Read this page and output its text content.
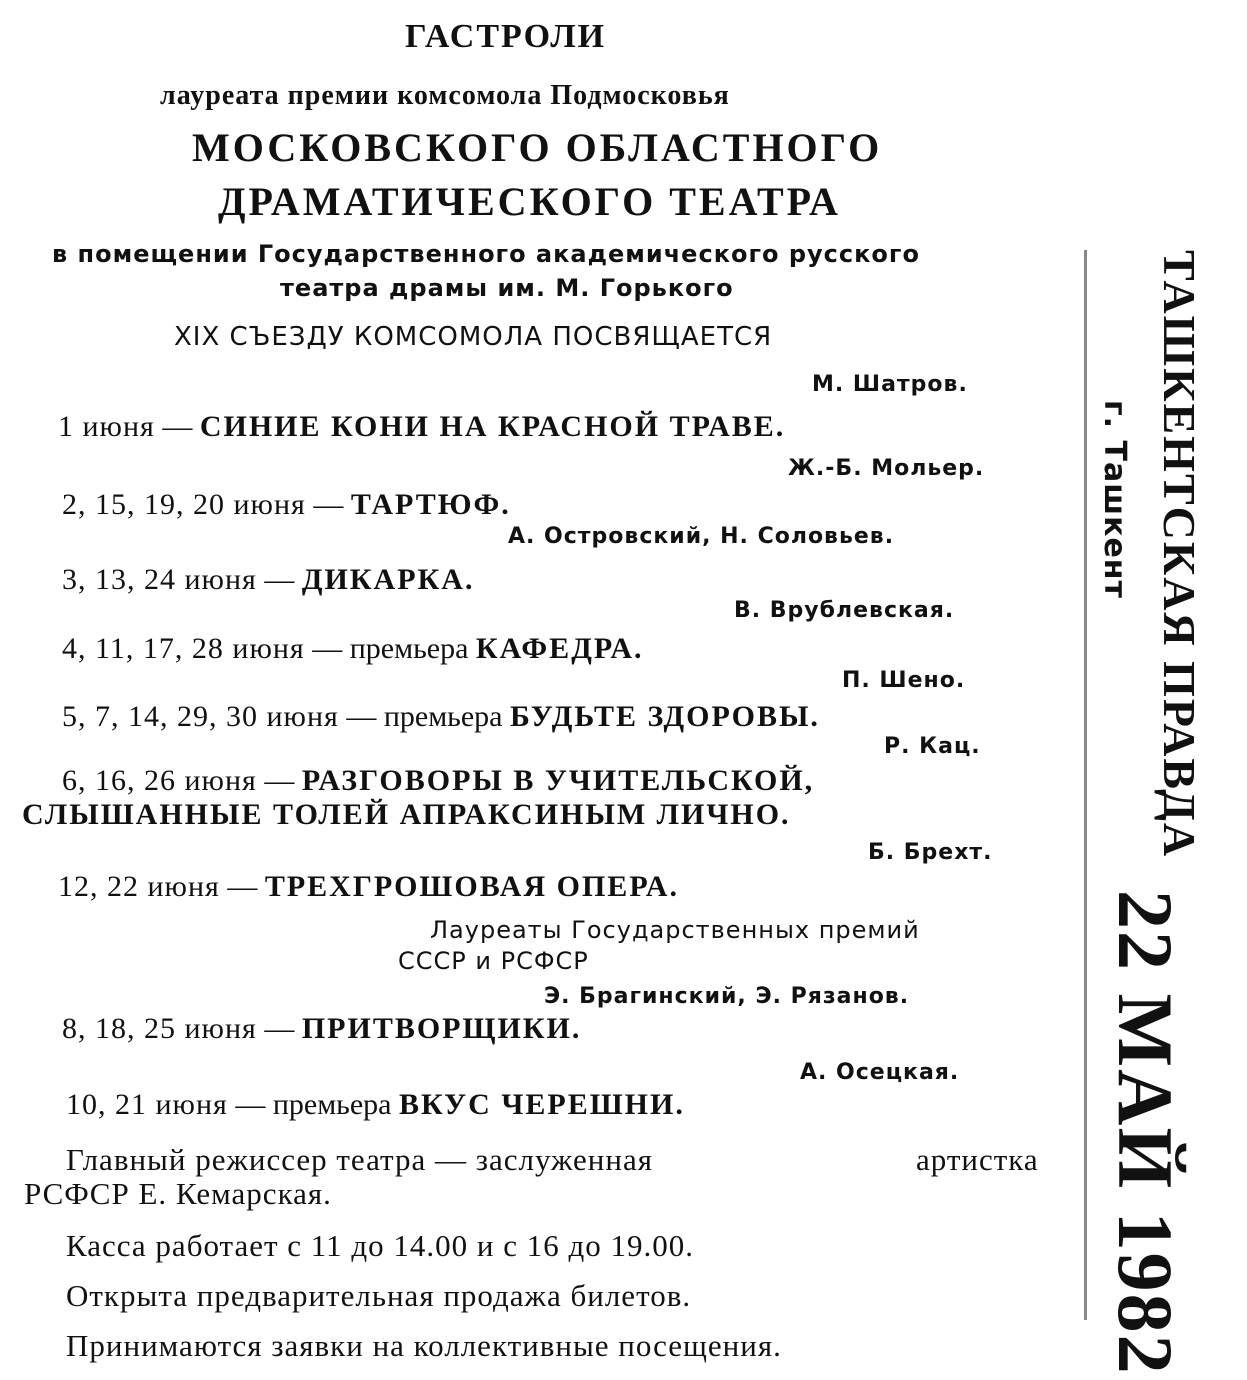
ГАСТРОЛИ
лауреата премии комсомола Подмосковья
МОСКОВСКОГО ОБЛАСТНОГО
ДРАМАТИЧЕСКОГО ТЕАТРА
в помещении Государственного академического русского
театра драмы им. М. Горького
XIX СЪЕЗДУ КОМСОМОЛА ПОСВЯЩАЕТСЯ
М. Шатров.
1 июня — СИНИЕ КОНИ НА КРАСНОЙ ТРАВЕ.
Ж.-Б. Мольер.
2, 15, 19, 20 июня — ТАРТЮФ.
А. Островский, Н. Соловьев.
3, 13, 24 июня — ДИКАРКА.
В. Врублевская.
4, 11, 17, 28 июня — премьера КАФЕДРА.
П. Шено.
5, 7, 14, 29, 30 июня — премьера БУДЬТЕ ЗДОРОВЫ.
Р. Кац.
6, 16, 26 июня — РАЗГОВОРЫ В УЧИТЕЛЬСКОЙ,
СЛЫШАННЫЕ ТОЛЕЙ АПРАКСИНЫМ ЛИЧНО.
Б. Брехт.
12, 22 июня — ТРЕХГРОШОВАЯ ОПЕРА.
Лауреаты Государственных премий
СССР и РСФСР
Э. Брагинский, Э. Рязанов.
8, 18, 25 июня — ПРИТВОРЩИКИ.
А. Осецкая.
10, 21 июня — премьера ВКУС ЧЕРЕШНИ.
Главный режиссер театра — заслуженная	артистка
РСФСР Е. Кемарская.
Касса работает с 11 до 14.00 и с 16 до 19.00.
Открыта предварительная продажа билетов.
Принимаются заявки на коллективные посещения.
ТАШКЕНТСКАЯ ПРАВДА
г. Ташкент
22 МАЙ 1982
